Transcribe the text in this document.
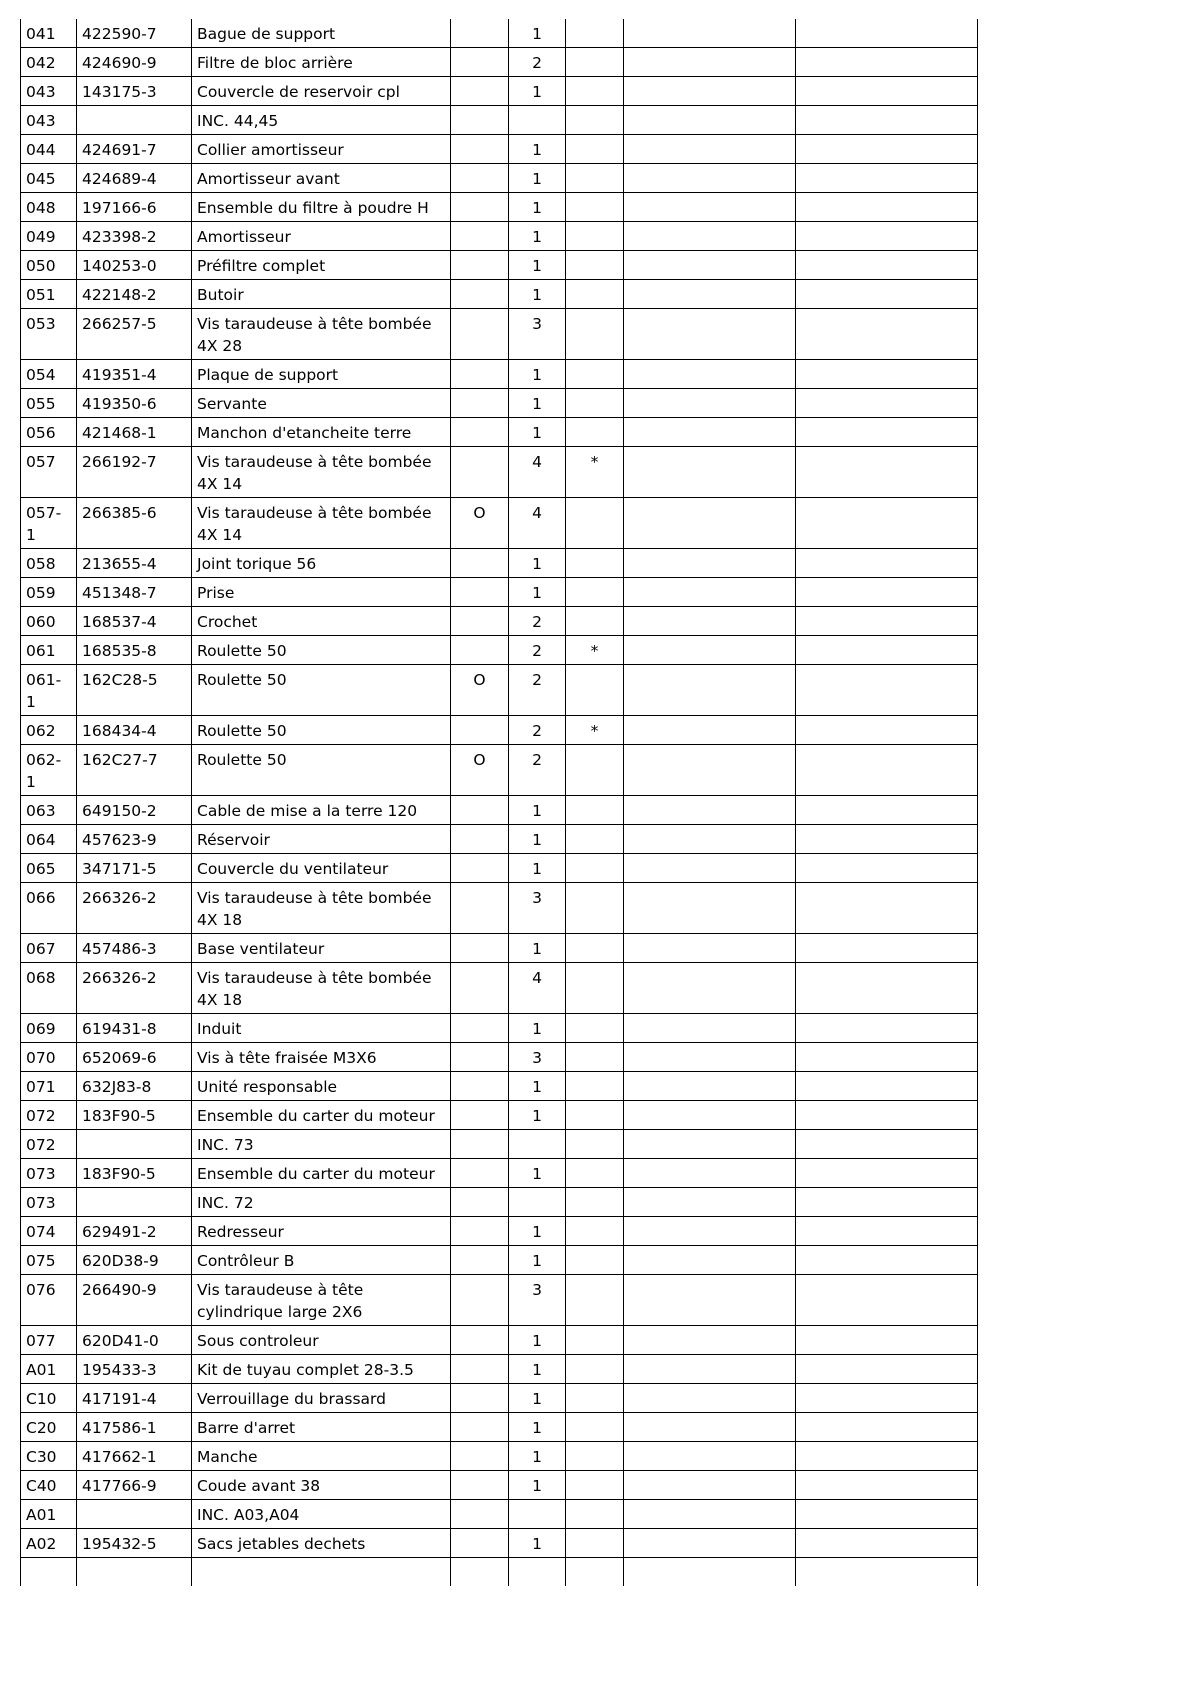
041	422590-7	Bague de support		1			
042	424690-9	Filtre de bloc arrière		2			
043	143175-3	Couvercle de reservoir cpl		1			
043		INC. 44,45					
044	424691-7	Collier amortisseur		1			
045	424689-4	Amortisseur avant		1			
048	197166-6	Ensemble du filtre à poudre H		1			
049	423398-2	Amortisseur		1			
050	140253-0	Préfiltre complet		1			
051	422148-2	Butoir		1			
053	266257-5	Vis taraudeuse à tête bombée 4X 28		3			
054	419351-4	Plaque de support		1			
055	419350-6	Servante		1			
056	421468-1	Manchon d'etancheite terre		1			
057	266192-7	Vis taraudeuse à tête bombée 4X 14		4	*		
057-1	266385-6	Vis taraudeuse à tête bombée 4X 14	O	4			
058	213655-4	Joint torique 56		1			
059	451348-7	Prise		1			
060	168537-4	Crochet		2			
061	168535-8	Roulette 50		2	*		
061-1	162C28-5	Roulette 50	O	2			
062	168434-4	Roulette 50		2	*		
062-1	162C27-7	Roulette 50	O	2			
063	649150-2	Cable de mise a la terre 120		1			
064	457623-9	Réservoir		1			
065	347171-5	Couvercle du ventilateur		1			
066	266326-2	Vis taraudeuse à tête bombée 4X 18		3			
067	457486-3	Base ventilateur		1			
068	266326-2	Vis taraudeuse à tête bombée 4X 18		4			
069	619431-8	Induit		1			
070	652069-6	Vis à tête fraisée M3X6		3			
071	632J83-8	Unité responsable		1			
072	183F90-5	Ensemble du carter du moteur		1			
072		INC. 73					
073	183F90-5	Ensemble du carter du moteur		1			
073		INC. 72					
074	629491-2	Redresseur		1			
075	620D38-9	Contrôleur B		1			
076	266490-9	Vis taraudeuse à tête cylindrique large 2X6		3			
077	620D41-0	Sous controleur		1			
A01	195433-3	Kit de tuyau complet 28-3.5		1			
C10	417191-4	Verrouillage du brassard		1			
C20	417586-1	Barre d'arret		1			
C30	417662-1	Manche		1			
C40	417766-9	Coude avant 38		1			
A01		INC. A03,A04					
A02	195432-5	Sacs jetables dechets		1			
